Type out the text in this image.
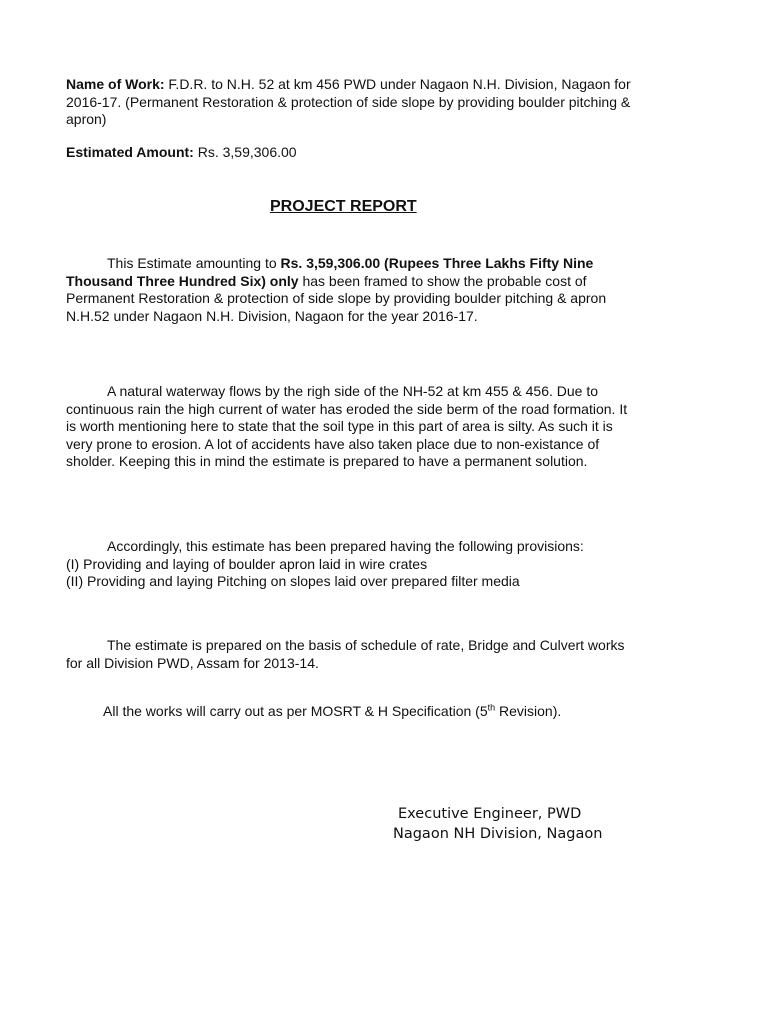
Name of Work: F.D.R. to N.H. 52 at km 456 PWD under Nagaon N.H. Division, Nagaon for 2016-17. (Permanent Restoration & protection of side slope by providing boulder pitching & apron)
Estimated Amount: Rs. 3,59,306.00
PROJECT REPORT
This Estimate amounting to Rs. 3,59,306.00 (Rupees Three Lakhs Fifty Nine Thousand Three Hundred Six) only has been framed to show the probable cost of Permanent Restoration & protection of side slope by providing boulder pitching & apron N.H.52 under Nagaon N.H. Division, Nagaon for the year 2016-17.
A natural waterway flows by the righ side of the NH-52 at km 455 & 456. Due to continuous rain the high current of water has eroded the side berm of the road formation. It is worth mentioning here to state that the soil type in this part of area is silty. As such it is very prone to erosion. A lot of accidents have also taken place due to non-existance of sholder. Keeping this in mind the estimate is prepared to have a permanent solution.
Accordingly, this estimate has been prepared having the following provisions:
(I) Providing and laying of boulder apron laid in wire crates
(II) Providing and laying Pitching on slopes laid over prepared filter media
The estimate is prepared on the basis of schedule of rate, Bridge and Culvert works for all Division PWD, Assam for 2013-14.
All the works will carry out as per MOSRT & H Specification (5th Revision).
Executive Engineer, PWD
Nagaon NH Division, Nagaon
